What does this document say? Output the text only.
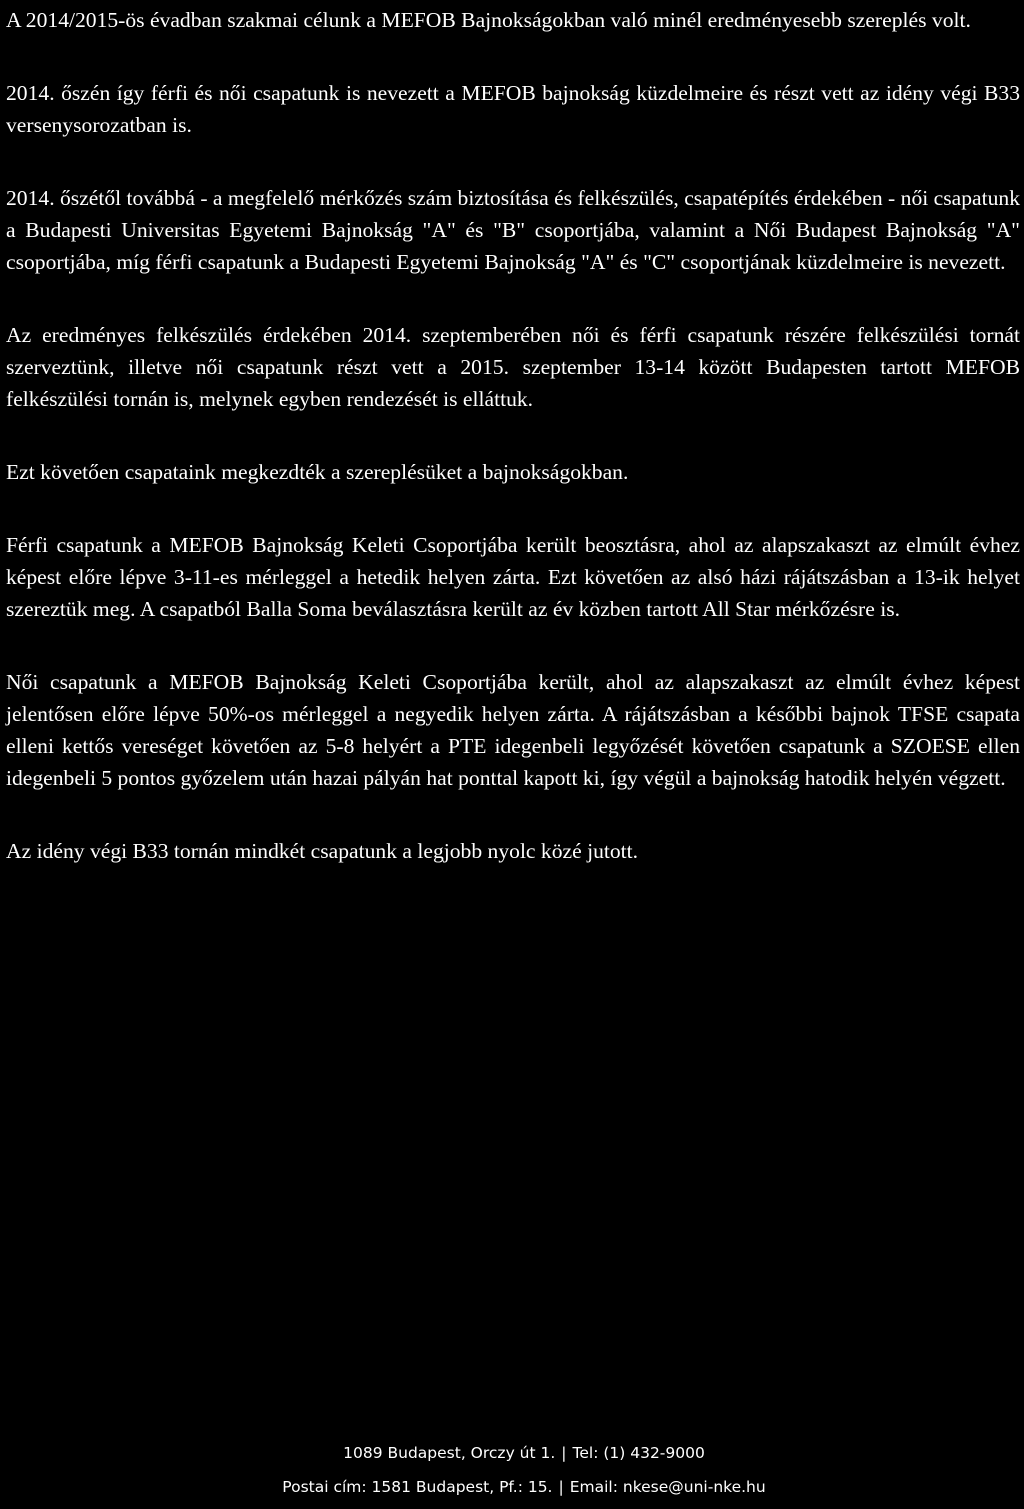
A 2014/2015-ös évadban szakmai célunk a MEFOB Bajnokságokban való minél eredményesebb szereplés volt.

2014. őszén így férfi és női csapatunk is nevezett a MEFOB bajnokság küzdelmeire és részt vett az idény végi B33 versenysorozatban is.

2014. őszétől továbbá - a megfelelő mérkőzés szám biztosítása és felkészülés, csapatépítés érdekében - női csapatunk a Budapesti Universitas Egyetemi Bajnokság "A" és "B" csoportjába, valamint a Női Budapest Bajnokság "A" csoportjába, míg férfi csapatunk a Budapesti Egyetemi Bajnokság "A" és "C" csoportjának küzdelmeire is nevezett.

Az eredményes felkészülés érdekében 2014. szeptemberében női és férfi csapatunk részére felkészülési tornát szerveztünk, illetve női csapatunk részt vett a 2015. szeptember 13-14 között Budapesten tartott MEFOB felkészülési tornán is, melynek egyben rendezését is elláttuk.

Ezt követően csapataink megkezdték a szereplésüket a bajnokságokban.

Férfi csapatunk a MEFOB Bajnokság Keleti Csoportjába került beosztásra, ahol az alapszakaszt az elmúlt évhez képest előre lépve 3-11-es mérleggel a hetedik helyen zárta. Ezt követően az alsó házi rájátszásban a 13-ik helyet szereztük meg. A csapatból Balla Soma beválasztásra került az év közben tartott All Star mérkőzésre is.

Női csapatunk a MEFOB Bajnokság Keleti Csoportjába került, ahol az alapszakaszt az elmúlt évhez képest jelentősen előre lépve 50%-os mérleggel a negyedik helyen zárta. A rájátszásban a későbbi bajnok TFSE csapata elleni kettős vereséget követően az 5-8 helyért a PTE idegenbeli legyőzését követően csapatunk a SZOESE ellen idegenbeli 5 pontos győzelem után hazai pályán hat ponttal kapott ki, így végül a bajnokság hatodik helyén végzett.

Az idény végi B33 tornán mindkét csapatunk a legjobb nyolc közé jutott.

1089 Budapest, Orczy út 1. | Tel: (1) 432-9000
Postai cím: 1581 Budapest, Pf.: 15. | Email: nkese@uni-nke.hu
